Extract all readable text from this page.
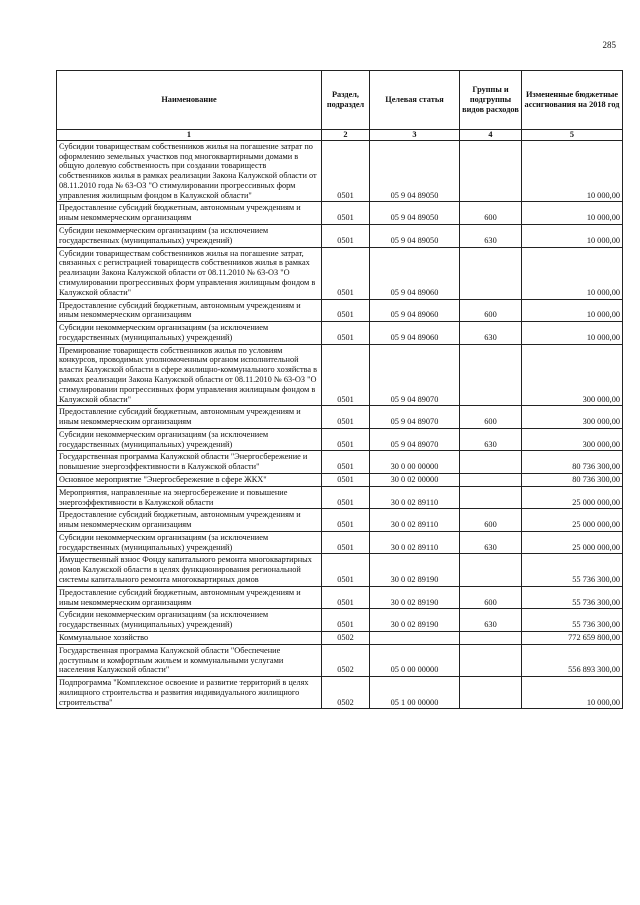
285
Наименование	Раздел, подраздел	Целевая статья	Группы и подгруппы видов расходов	Измененные бюджетные ассигнования на 2018 год
1	2	3	4	5
Субсидии товариществам собственников жилья на погашение затрат по оформлению земельных участков под многоквартирными домами в общую долевую собственность при создании товариществ собственников жилья в рамках реализации Закона Калужской области от 08.11.2010 года № 63-ОЗ "О стимулировании прогрессивных форм управления жилищным фондом в Калужской области"	0501	05 9 04 89050		10 000,00
Предоставление субсидий бюджетным, автономным учреждениям и иным некоммерческим организациям	0501	05 9 04 89050	600	10 000,00
Субсидии некоммерческим организациям (за исключением государственных (муниципальных) учреждений)	0501	05 9 04 89050	630	10 000,00
Субсидии товариществам собственников жилья на погашение затрат, связанных с регистрацией товариществ собственников жилья в рамках реализации Закона Калужской области от 08.11.2010 № 63-ОЗ "О стимулировании прогрессивных форм управления жилищным фондом в Калужской области"	0501	05 9 04 89060		10 000,00
Предоставление субсидий бюджетным, автономным учреждениям и иным некоммерческим организациям	0501	05 9 04 89060	600	10 000,00
Субсидии некоммерческим организациям (за исключением государственных (муниципальных) учреждений)	0501	05 9 04 89060	630	10 000,00
Премирование товариществ собственников жилья по условиям конкурсов, проводимых уполномоченным органом исполнительной власти Калужской области в сфере жилищно-коммунального хозяйства в рамках реализации Закона Калужской области от 08.11.2010 № 63-ОЗ "О стимулировании прогрессивных форм управления жилищным фондом в Калужской области"	0501	05 9 04 89070		300 000,00
Предоставление субсидий бюджетным, автономным учреждениям и иным некоммерческим организациям	0501	05 9 04 89070	600	300 000,00
Субсидии некоммерческим организациям (за исключением государственных (муниципальных) учреждений)	0501	05 9 04 89070	630	300 000,00
Государственная программа Калужской области "Энергосбережение и повышение энергоэффективности в Калужской области"	0501	30 0 00 00000		80 736 300,00
Основное мероприятие "Энергосбережение в сфере ЖКХ"	0501	30 0 02 00000		80 736 300,00
Мероприятия, направленные на энергосбережение и повышение энергоэффективности в Калужской области	0501	30 0 02 89110		25 000 000,00
Предоставление субсидий бюджетным, автономным учреждениям и иным некоммерческим организациям	0501	30 0 02 89110	600	25 000 000,00
Субсидии некоммерческим организациям (за исключением государственных (муниципальных) учреждений)	0501	30 0 02 89110	630	25 000 000,00
Имущественный взнос Фонду капитального ремонта многоквартирных домов Калужской области в целях функционирования региональной системы капитального ремонта многоквартирных домов	0501	30 0 02 89190		55 736 300,00
Предоставление субсидий бюджетным, автономным учреждениям и иным некоммерческим организациям	0501	30 0 02 89190	600	55 736 300,00
Субсидии некоммерческим организациям (за исключением государственных (муниципальных) учреждений)	0501	30 0 02 89190	630	55 736 300,00
Коммунальное хозяйство	0502			772 659 800,00
Государственная программа Калужской области "Обеспечение доступным и комфортным жильем и коммунальными услугами населения Калужской области"	0502	05 0 00 00000		556 893 300,00
Подпрограмма "Комплексное освоение и развитие территорий в целях жилищного строительства и развития индивидуального жилищного строительства"	0502	05 1 00 00000		10 000,00
